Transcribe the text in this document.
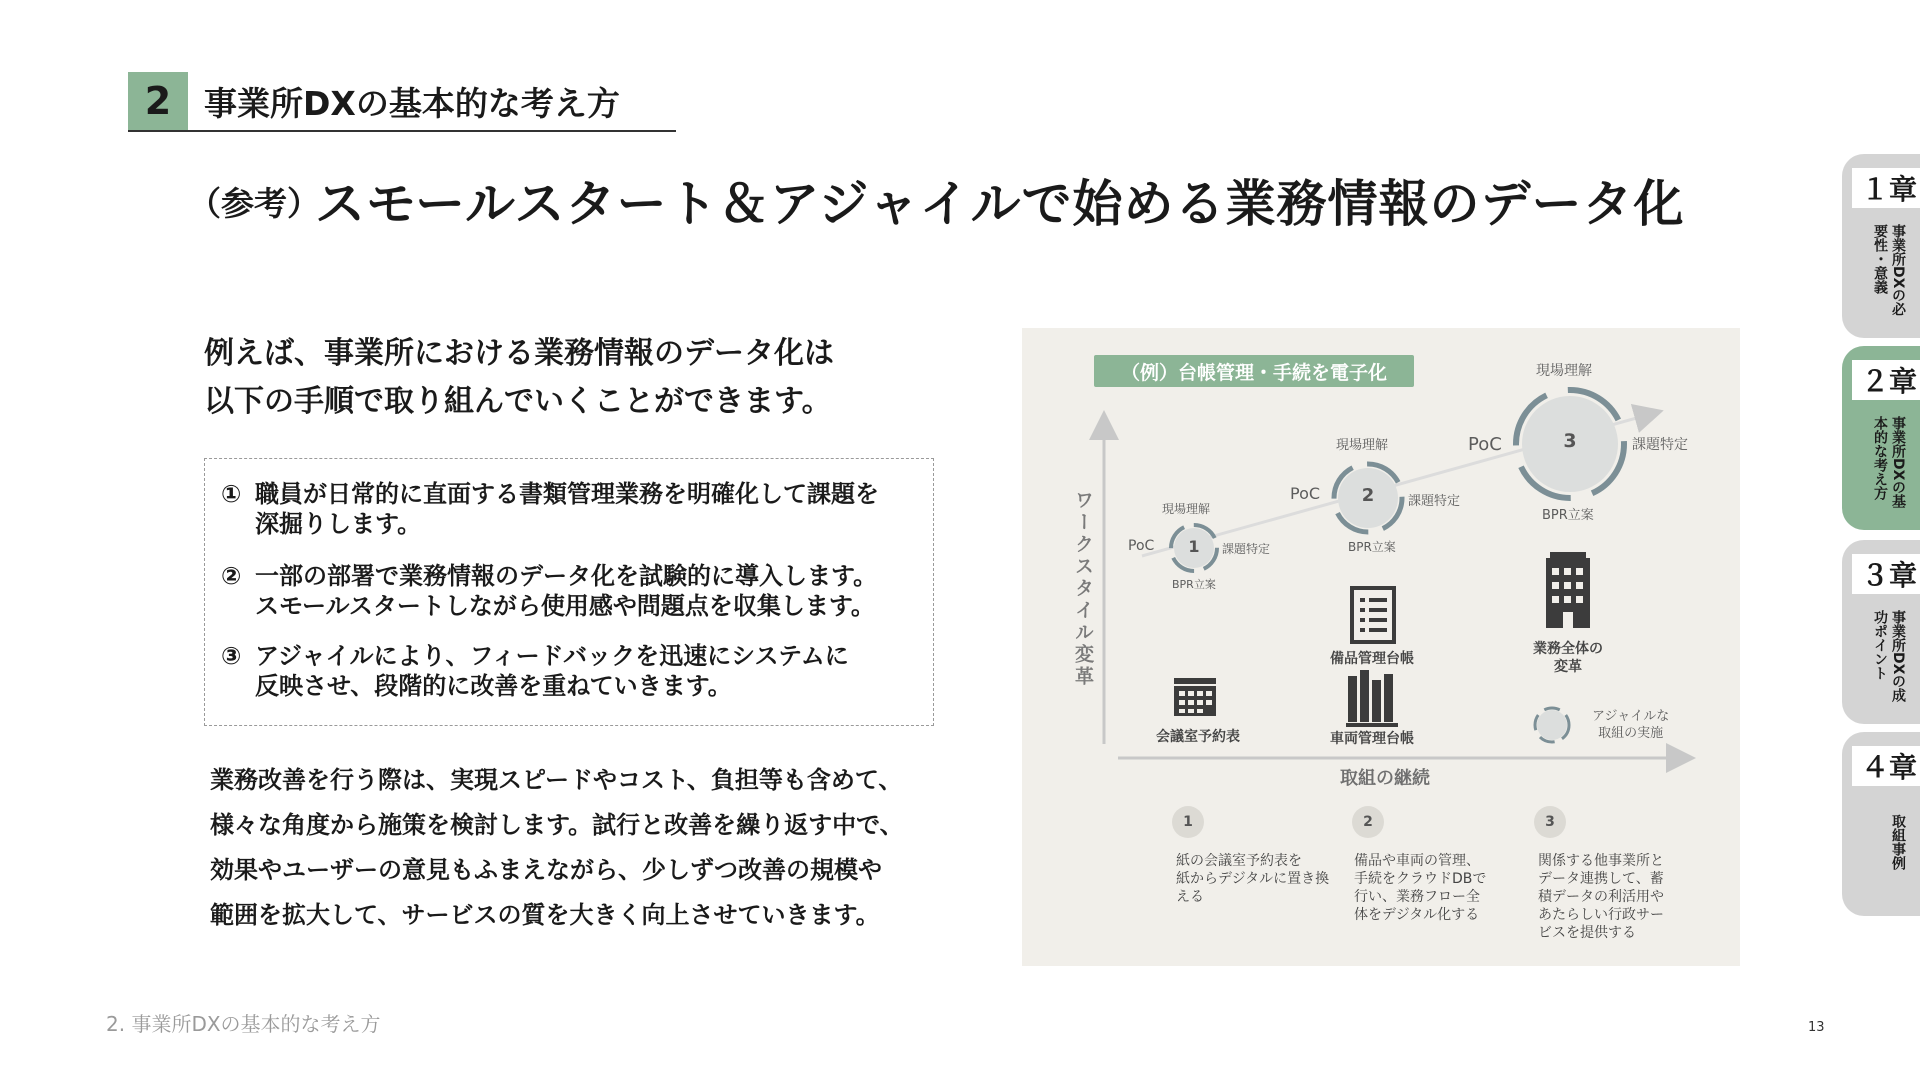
2 事業所DXの基本的な考え方
（参考）
スモールスタート＆アジャイルで始める業務情報のデータ化
例えば、事業所における業務情報のデータ化は
以下の手順で取り組んでいくことができます。
① 職員が日常的に直面する書類管理業務を明確化して課題を
深掘りします。
② 一部の部署で業務情報のデータ化を試験的に導入します。
スモールスタートしながら使用感や問題点を収集します。
③ アジャイルにより、フィードバックを迅速にシステムに
反映させ、段階的に改善を重ねていきます。
業務改善を行う際は、実現スピードやコスト、負担等も含めて、
様々な角度から施策を検討します。試行と改善を繰り返す中で、
効果やユーザーの意見もふまえながら、少しずつ改善の規模や
範囲を拡大して、サービスの質を大きく向上させていきます。
（例）台帳管理・手続を電子化
ワークスタイル変革
取組の継続
1
現場理解
課題特定
BPR立案
PoC
2
現場理解
課題特定
BPR立案
PoC
3
現場理解
課題特定
BPR立案
PoC
会議室予約表
備品管理台帳
車両管理台帳
業務全体の
変革
アジャイルな
取組の実施
1
紙の会議室予約表を
紙からデジタルに置き換
える
2
備品や車両の管理、
手続をクラウドDBで
行い、業務フロー全
体をデジタル化する
3
関係する他事業所と
データ連携して、蓄
積データの利活用や
あたらしい行政サー
ビスを提供する
１章
事業所DXの必要性・意義
２章
事業所DXの基本的な考え方
３章
事業所DXの成功ポイント
４章
取組事例
2. 事業所DXの基本的な考え方	13
